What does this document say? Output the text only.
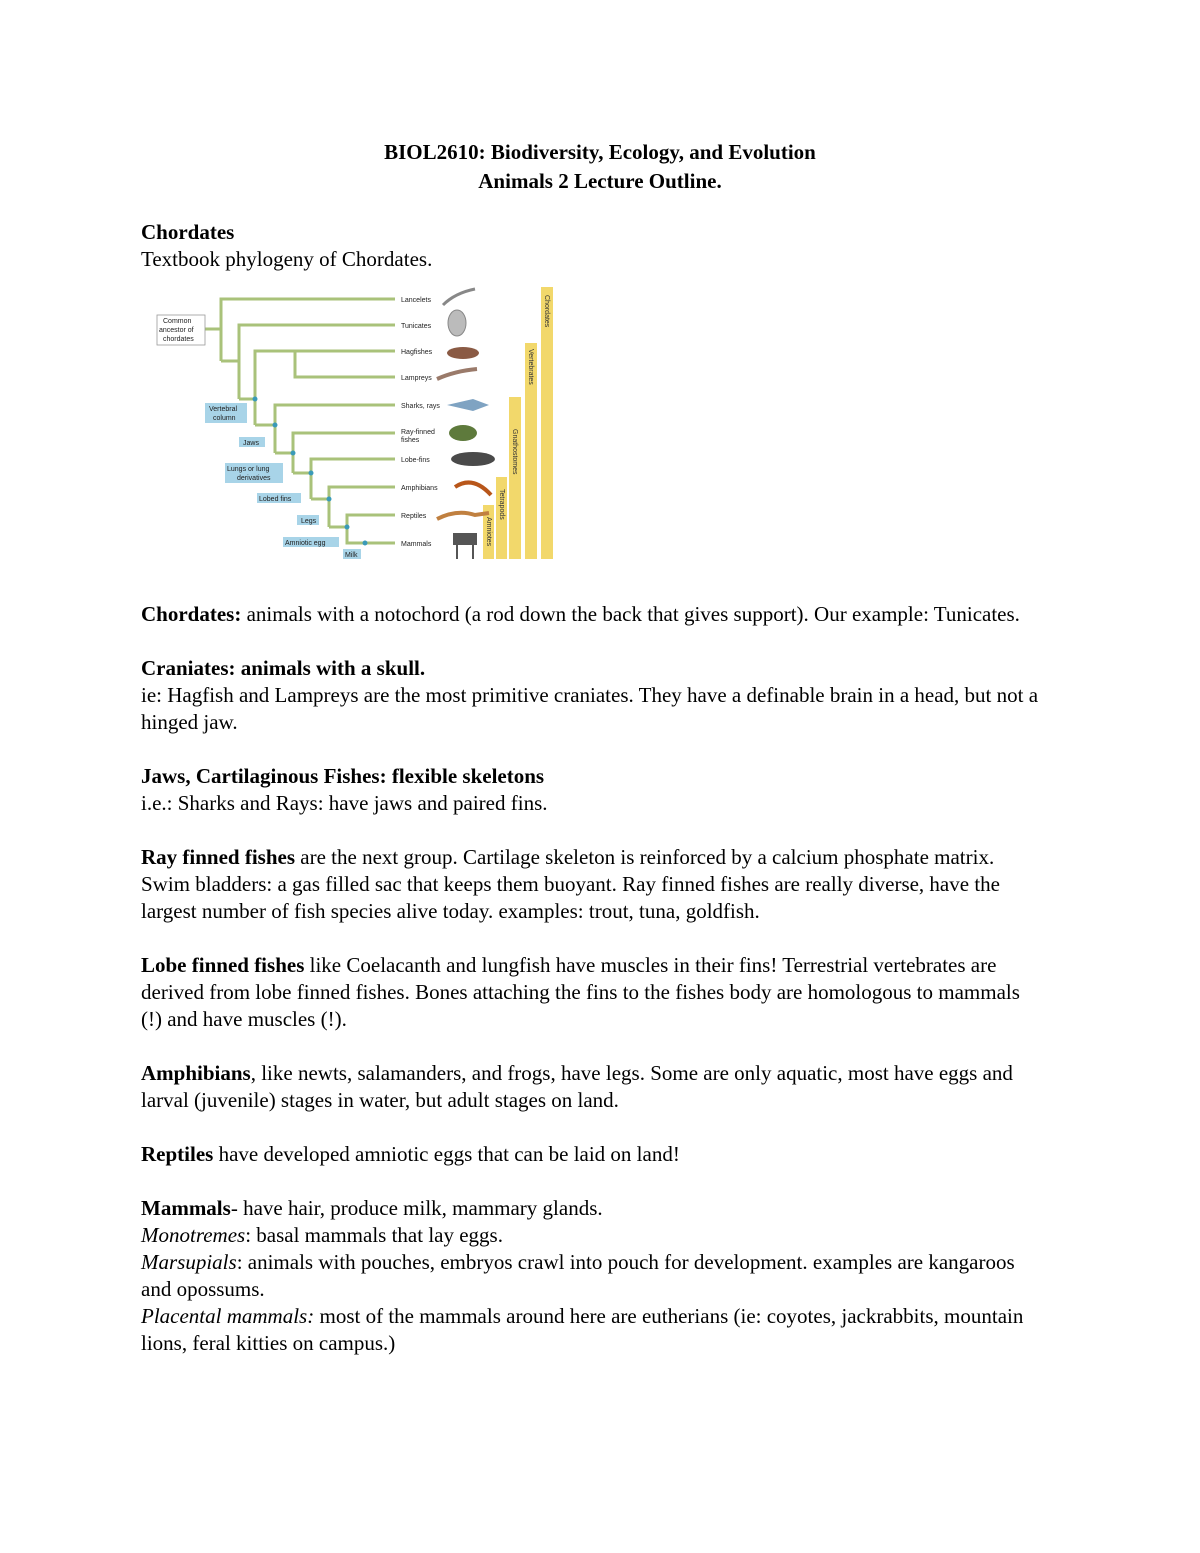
BIOL2610: Biodiversity, Ecology, and Evolution
Animals 2 Lecture Outline.
Chordates

Textbook phylogeny of Chordates.

Chordates
Vertebrates
Gnathostomes
Tetrapods
Amniotes
Common ancestor of chordates
Vertebral column
Jaws
Lungs or lung derivatives
Lobed fins
Legs
Amniotic egg
Milk
Lancelets
Tunicates
Hagfishes
Lampreys
Sharks, rays
Ray-finned
fishes
Lobe-fins
Amphibians
Reptiles
Mammals

Chordates: animals with a notochord (a rod down the back that gives support). Our example: Tunicates.

Craniates: animals with a skull.

ie: Hagfish and Lampreys are the most primitive craniates. They have a definable brain in a head, but not a hinged jaw.

Jaws, Cartilaginous Fishes: flexible skeletons

i.e.: Sharks and Rays: have jaws and paired fins.

Ray finned fishes are the next group. Cartilage skeleton is reinforced by a calcium phosphate matrix. Swim bladders: a gas filled sac that keeps them buoyant. Ray finned fishes are really diverse, have the largest number of fish species alive today. examples: trout, tuna, goldfish.

Lobe finned fishes like Coelacanth and lungfish have muscles in their fins! Terrestrial vertebrates are derived from lobe finned fishes. Bones attaching the fins to the fishes body are homologous to mammals (!) and have muscles (!).

Amphibians, like newts, salamanders, and frogs, have legs. Some are only aquatic, most have eggs and larval (juvenile) stages in water, but adult stages on land.

Reptiles have developed amniotic eggs that can be laid on land!

Mammals- have hair, produce milk, mammary glands.

Monotremes: basal mammals that lay eggs.

Marsupials: animals with pouches, embryos crawl into pouch for development. examples are kangaroos and opossums.

Placental mammals: most of the mammals around here are eutherians (ie: coyotes, jackrabbits, mountain lions, feral kitties on campus.)
